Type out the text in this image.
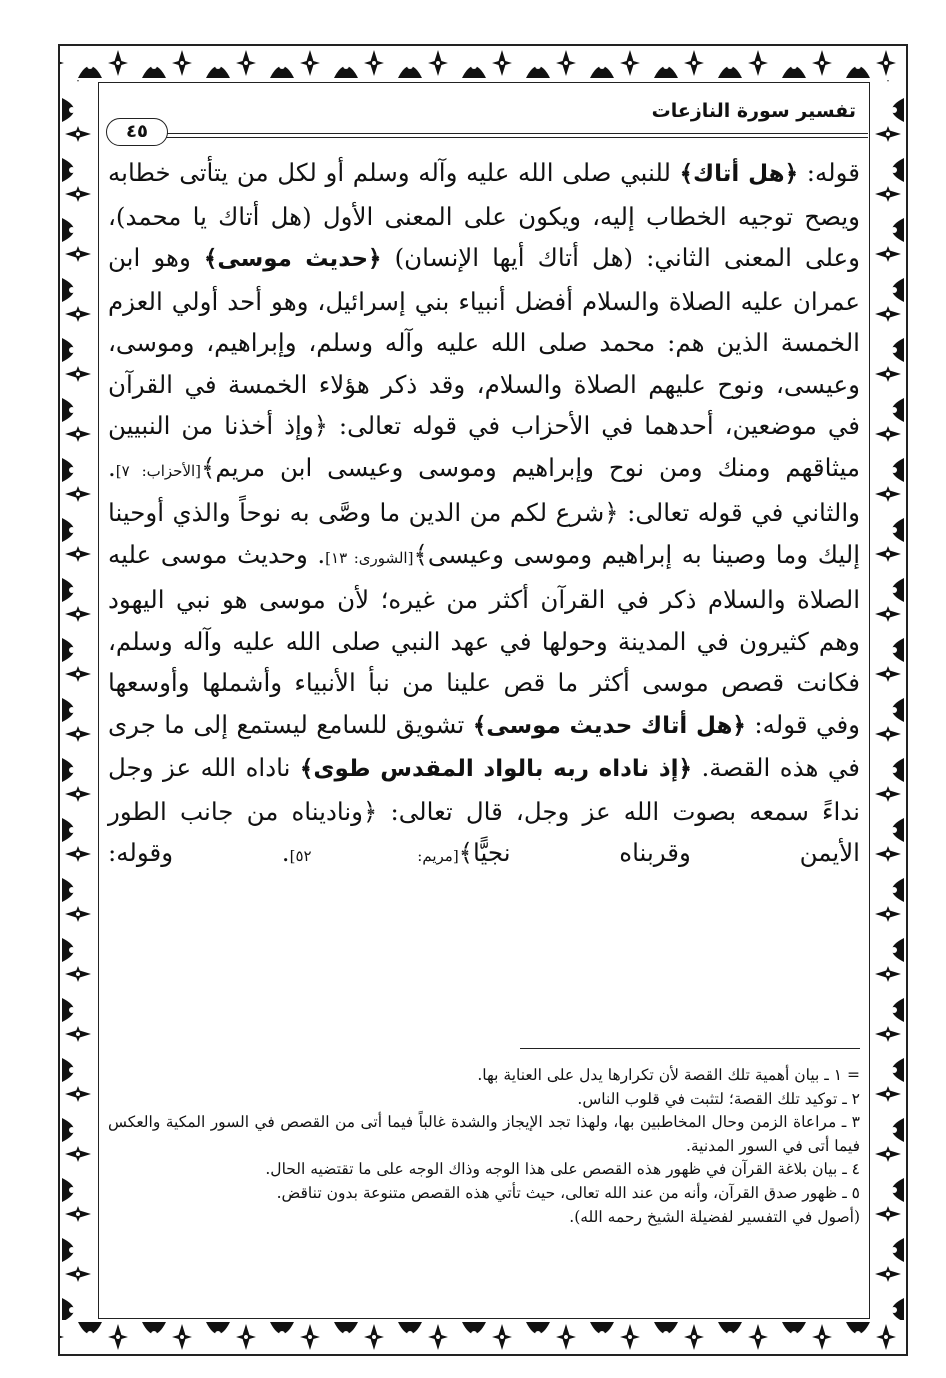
تفسير سورة النازعات
٤٥

قوله: ﴿هل أتاك﴾ للنبي صلى الله عليه وآله وسلم أو لكل من يتأتى خطابه ويصح توجيه الخطاب إليه، ويكون على المعنى الأول (هل أتاك يا محمد)، وعلى المعنى الثاني: (هل أتاك أيها الإنسان) ﴿حديث موسى﴾ وهو ابن عمران عليه الصلاة والسلام أفضل أنبياء بني إسرائيل، وهو أحد أولي العزم الخمسة الذين هم: محمد صلى الله عليه وآله وسلم، وإبراهيم، وموسى، وعيسى، ونوح عليهم الصلاة والسلام، وقد ذكر هؤلاء الخمسة في القرآن في موضعين، أحدهما في الأحزاب في قوله تعالى: ﴿وإذ أخذنا من النبيين ميثاقهم ومنك ومن نوح وإبراهيم وموسى وعيسى ابن مريم﴾[الأحزاب: ٧]. والثاني في قوله تعالى: ﴿شرع لكم من الدين ما وصَّى به نوحاً والذي أوحينا إليك وما وصينا به إبراهيم وموسى وعيسى﴾[الشورى: ١٣]. وحديث موسى عليه الصلاة والسلام ذكر في القرآن أكثر من غيره؛ لأن موسى هو نبي اليهود وهم كثيرون في المدينة وحولها في عهد النبي صلى الله عليه وآله وسلم، فكانت قصص موسى أكثر ما قص علينا من نبأ الأنبياء وأشملها وأوسعها وفي قوله: ﴿هل أتاك حديث موسى﴾ تشويق للسامع ليستمع إلى ما جرى في هذه القصة. ﴿إذ ناداه ربه بالواد المقدس طوى﴾ ناداه الله عز وجل نداءً سمعه بصوت الله عز وجل، قال تعالى: ﴿وناديناه من جانب الطور الأيمن وقربناه نجيًّا﴾[مريم: ٥٢]. وقوله:

= ١ ـ بيان أهمية تلك القصة لأن تكرارها يدل على العناية بها.

٢ ـ توكيد تلك القصة؛ لتثبت في قلوب الناس.

٣ ـ مراعاة الزمن وحال المخاطبين بها، ولهذا تجد الإيجاز والشدة غالباً فيما أتى من القصص في السور المكية والعكس فيما أتى في السور المدنية.

٤ ـ بيان بلاغة القرآن في ظهور هذه القصص على هذا الوجه وذاك الوجه على ما تقتضيه الحال.

٥ ـ ظهور صدق القرآن، وأنه من عند الله تعالى، حيث تأتي هذه القصص متنوعة بدون تناقض.

(أصول في التفسير لفضيلة الشيخ رحمه الله).
